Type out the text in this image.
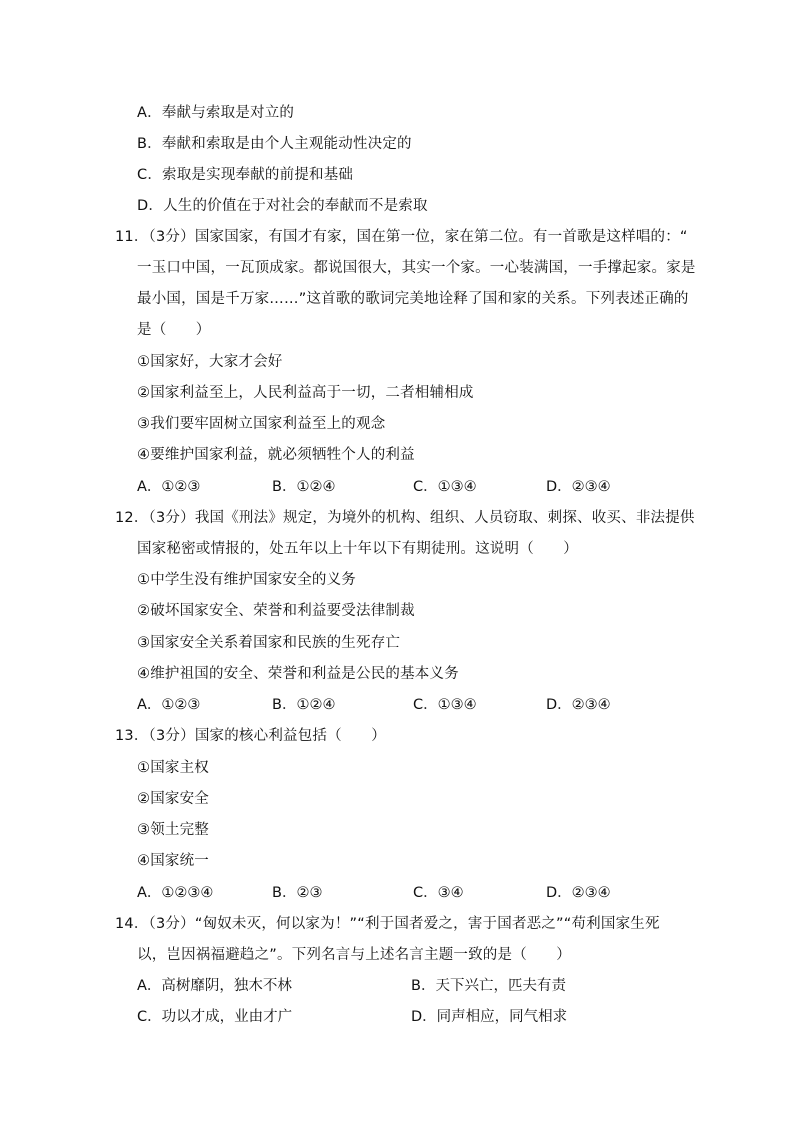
A．奉献与索取是对立的
B．奉献和索取是由个人主观能动性决定的
C．索取是实现奉献的前提和基础
D．人生的价值在于对社会的奉献而不是索取
11．（3分）国家国家，有国才有家，国在第一位，家在第二位。有一首歌是这样唱的：“
一玉口中国，一瓦顶成家。都说国很大，其实一个家。一心装满国，一手撑起家。家是
最小国，国是千万家……”这首歌的歌词完美地诠释了国和家的关系。下列表述正确的
是（　　）
①国家好，大家才会好
②国家利益至上，人民利益高于一切，二者相辅相成
③我们要牢固树立国家利益至上的观念
④要维护国家利益，就必须牺牲个人的利益
A．①②③	B．①②④	C．①③④	D．②③④
12．（3分）我国《刑法》规定，为境外的机构、组织、人员窃取、刺探、收买、非法提供
国家秘密或情报的，处五年以上十年以下有期徒刑。这说明（　　）
①中学生没有维护国家安全的义务
②破坏国家安全、荣誉和利益要受法律制裁
③国家安全关系着国家和民族的生死存亡
④维护祖国的安全、荣誉和利益是公民的基本义务
A．①②③	B．①②④	C．①③④	D．②③④
13．（3分）国家的核心利益包括（　　）
①国家主权
②国家安全
③领土完整
④国家统一
A．①②③④	B．②③	C．③④	D．②③④
14．（3分）“匈奴未灭，何以家为！”“利于国者爱之，害于国者恶之”“苟利国家生死
以，岂因祸福避趋之”。下列名言与上述名言主题一致的是（　　）
A．高树靡阴，独木不林	B．天下兴亡，匹夫有责
C．功以才成，业由才广	D．同声相应，同气相求
